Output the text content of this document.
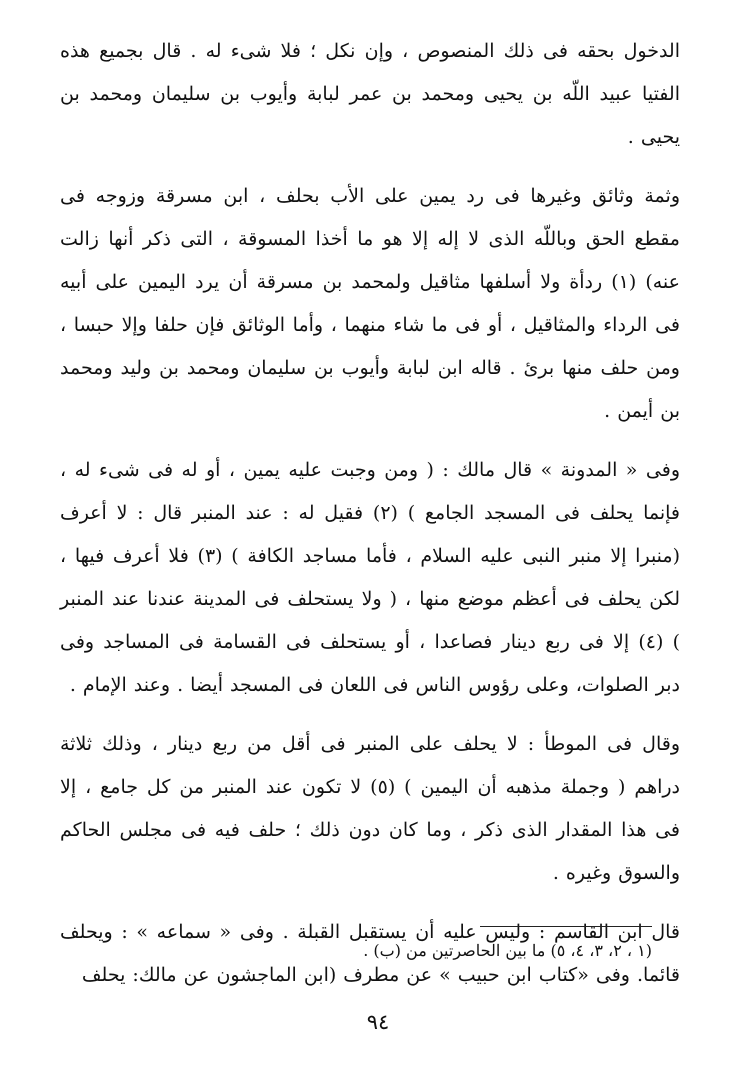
الدخول بحقه فى ذلك المنصوص ، وإن نكل ؛ فلا شىء له . قال بجميع هذه الفتيا عبيد اللّه بن يحيى ومحمد بن عمر لبابة وأيوب بن سليمان ومحمد بن يحيى .

وثمة وثائق وغيرها فى رد يمين على الأب بحلف ، ابن مسرقة وزوجه فى مقطع الحق وباللّه الذى لا إله إلا هو ما أخذا المسوقة ، التى ذكر أنها زالت عنه) (١) ردأة ولا أسلفها مثاقيل ولمحمد بن مسرقة أن يرد اليمين على أبيه فى الرداء والمثاقيل ، أو فى ما شاء منهما ، وأما الوثائق فإن حلفا وإلا حبسا ، ومن حلف منها برئ . قاله ابن لبابة وأيوب بن سليمان ومحمد بن وليد ومحمد بن أيمن .

وفى « المدونة » قال مالك : ( ومن وجبت عليه يمين ، أو له فى شىء له ، فإنما يحلف فى المسجد الجامع ) (٢) فقيل له : عند المنبر قال : لا أعرف (منبرا إلا منبر النبى عليه السلام ، فأما مساجد الكافة ) (٣) فلا أعرف فيها ، لكن يحلف فى أعظم موضع منها ، ( ولا يستحلف فى المدينة عندنا عند المنبر ) (٤) إلا فى ربع دينار فصاعدا ، أو يستحلف فى القسامة فى المساجد وفى دبر الصلوات، وعلى رؤوس الناس فى اللعان فى المسجد أيضا . وعند الإمام .

وقال فى الموطأ : لا يحلف على المنبر فى أقل من ربع دينار ، وذلك ثلاثة دراهم ( وجملة مذهبه أن اليمين ) (٥) لا تكون عند المنبر من كل جامع ، إلا فى هذا المقدار الذى ذكر ، وما كان دون ذلك ؛ حلف فيه فى مجلس الحاكم والسوق وغيره .

قال ابن القاسم : وليس عليه أن يستقبل القبلة . وفى « سماعه » : ويحلف قائما. وفى «كتاب ابن حبيب » عن مطرف (ابن الماجشون عن مالك: يحلف

(١ ، ٢، ٣، ٤، ٥) ما بين الحاصرتين من (ب) .
٩٤
